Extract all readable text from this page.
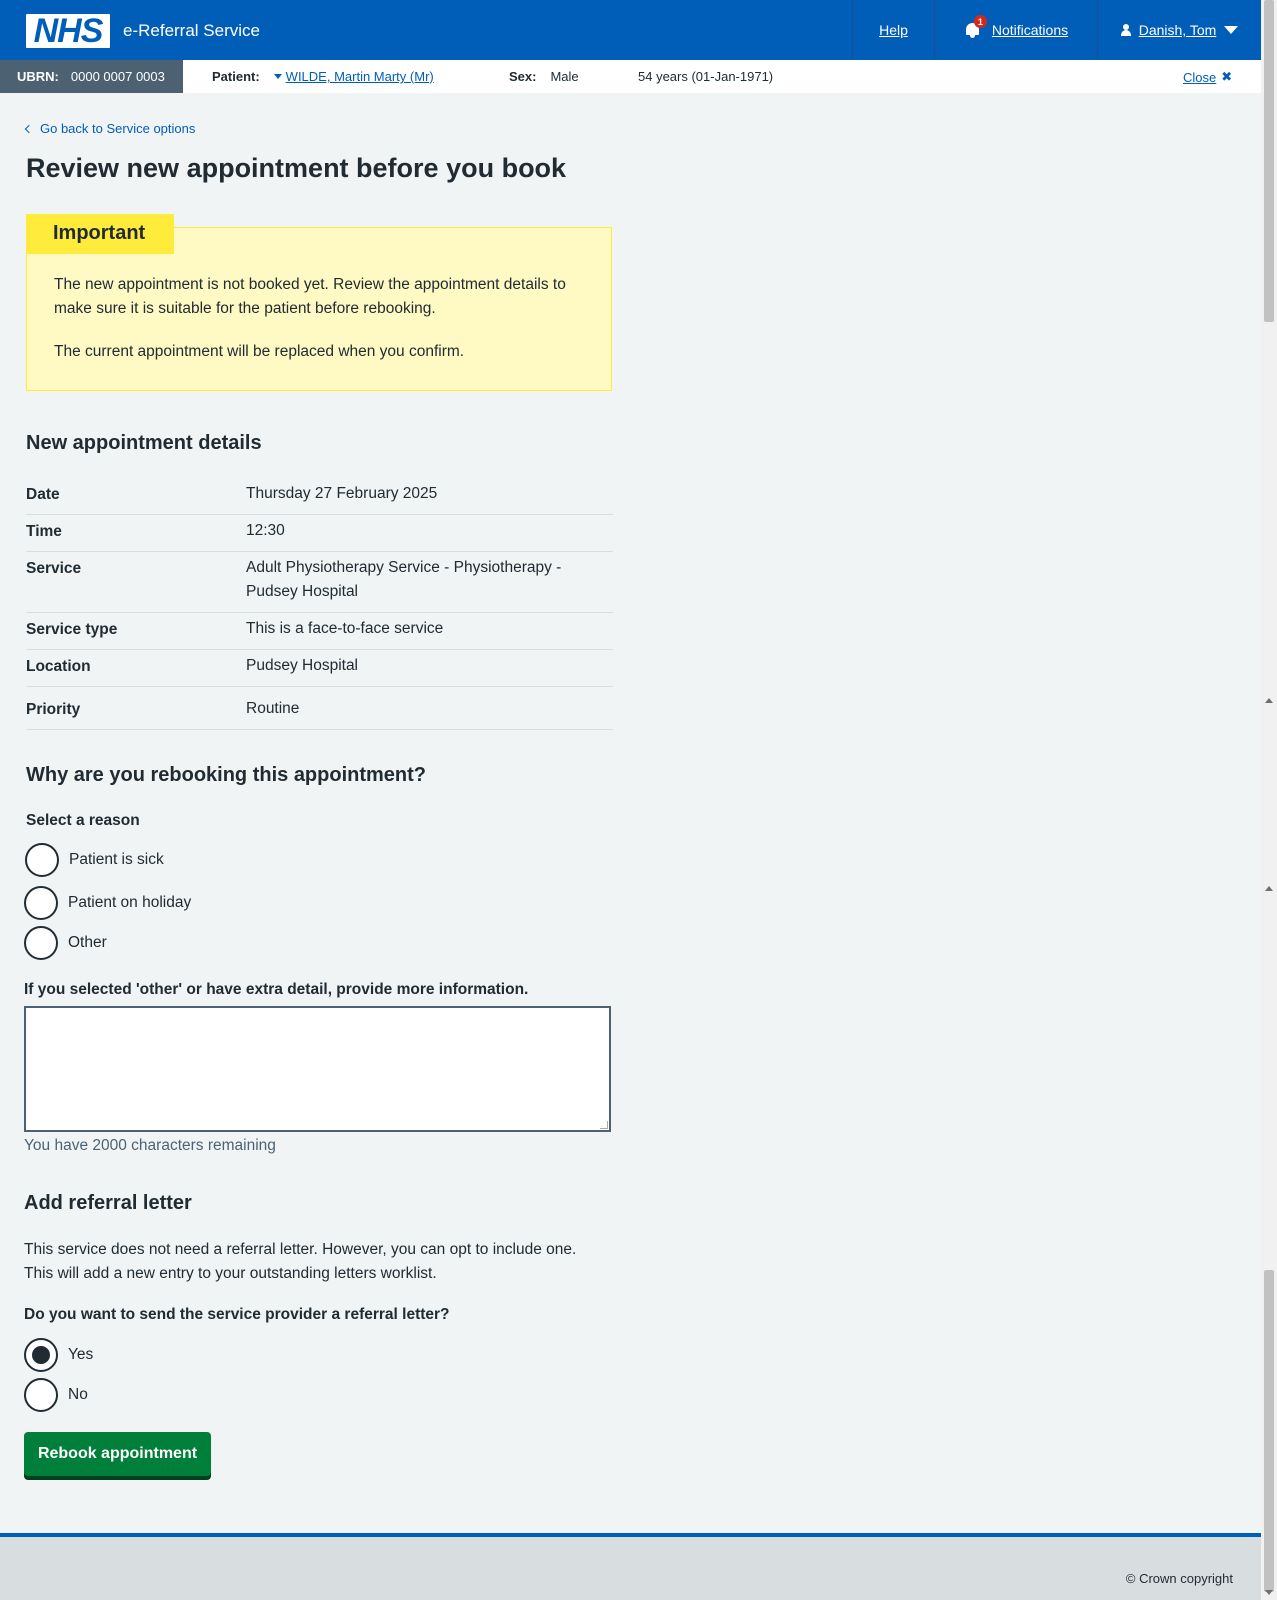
NHS e-Referral Service	Help
1
Notifications	Danish, Tom
UBRN: 0000 0007 0003	Patient: WILDE, Martin Marty (Mr)	Sex: Male	54 years (01-Jan-1971)	Close ✖
Go back to Service options
Review new appointment before you book
Important

The new appointment is not booked yet. Review the appointment details to make sure it is suitable for the patient before rebooking.

The current appointment will be replaced when you confirm.

New appointment details
Date	Thursday 27 February 2025
Time	12:30
Service	Adult Physiotherapy Service - Physiotherapy - Pudsey Hospital
Service type	This is a face-to-face service
Location	Pudsey Hospital
Priority	Routine
Why are you rebooking this appointment?
Select a reason
Patient is sick
Patient on holiday
Other
If you selected 'other' or have extra detail, provide more information.
You have 2000 characters remaining
Add referral letter

This service does not need a referral letter. However, you can opt to include one. This will add a new entry to your outstanding letters worklist.

Do you want to send the service provider a referral letter?
Yes
No
Rebook appointment
© Crown copyright
